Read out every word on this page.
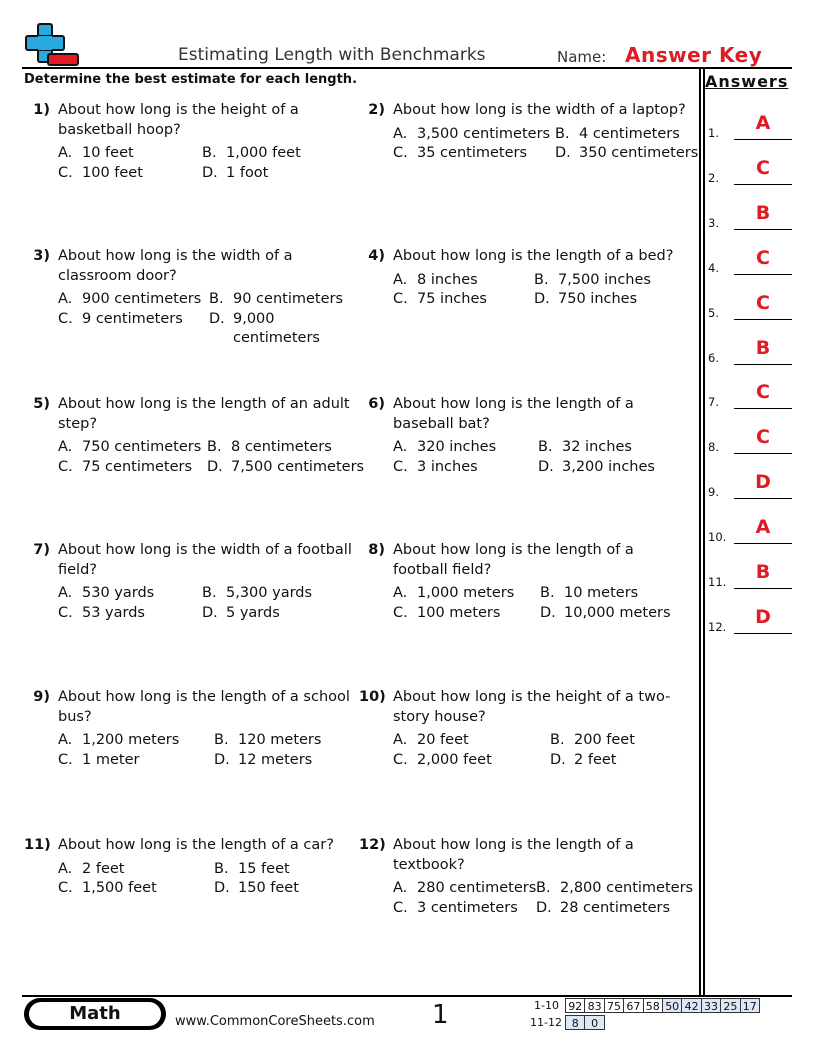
Estimating Length with Benchmarks	Name: Answer Key
Determine the best estimate for each length.	Answers
1) About how long is the height of a basketball hoop?
A. 10 feet	B. 1,000 feet
C. 100 feet	D. 1 foot
2) About how long is the width of a laptop?
A. 3,500 centimeters B. 4 centimeters
C. 35 centimeters D. 350 centimeters
3) About how long is the width of a classroom door?
A. 900 centimeters B. 90 centimeters
C. 9 centimeters D. 9,000 centimeters
4) About how long is the length of a bed?
A. 8 inches	B. 7,500 inches
C. 75 inches	D. 750 inches
5) About how long is the length of an adult step?
A. 750 centimeters B. 8 centimeters
C. 75 centimeters D. 7,500 centimeters
6) About how long is the length of a baseball bat?
A. 320 inches	B. 32 inches
C. 3 inches	D. 3,200 inches
7) About how long is the width of a football field?
A. 530 yards	B. 5,300 yards
C. 53 yards	D. 5 yards
8) About how long is the length of a football field?
A. 1,000 meters B. 10 meters
C. 100 meters	D. 10,000 meters
9) About how long is the length of a school bus?
A. 1,200 meters B. 120 meters
C. 1 meter	D. 12 meters
10) About how long is the height of a two-story house?
A. 20 feet	B. 200 feet
C. 2,000 feet	D. 2 feet
11) About how long is the length of a car?
A. 2 feet	B. 15 feet
C. 1,500 feet	D. 150 feet
12) About how long is the length of a textbook?
A. 280 centimeters B. 2,800 centimeters
C. 3 centimeters D. 28 centimeters
1.	A
2.	C
3.	B
4.	C
5.	C
6.	B
7.	C
8.	C
9.	D
10.	A
11.	B
12.	D
Math	www.CommonCoreSheets.com 1	1-10 92 83 75 67 58 50 42 33 25 17
11-12 8	0
